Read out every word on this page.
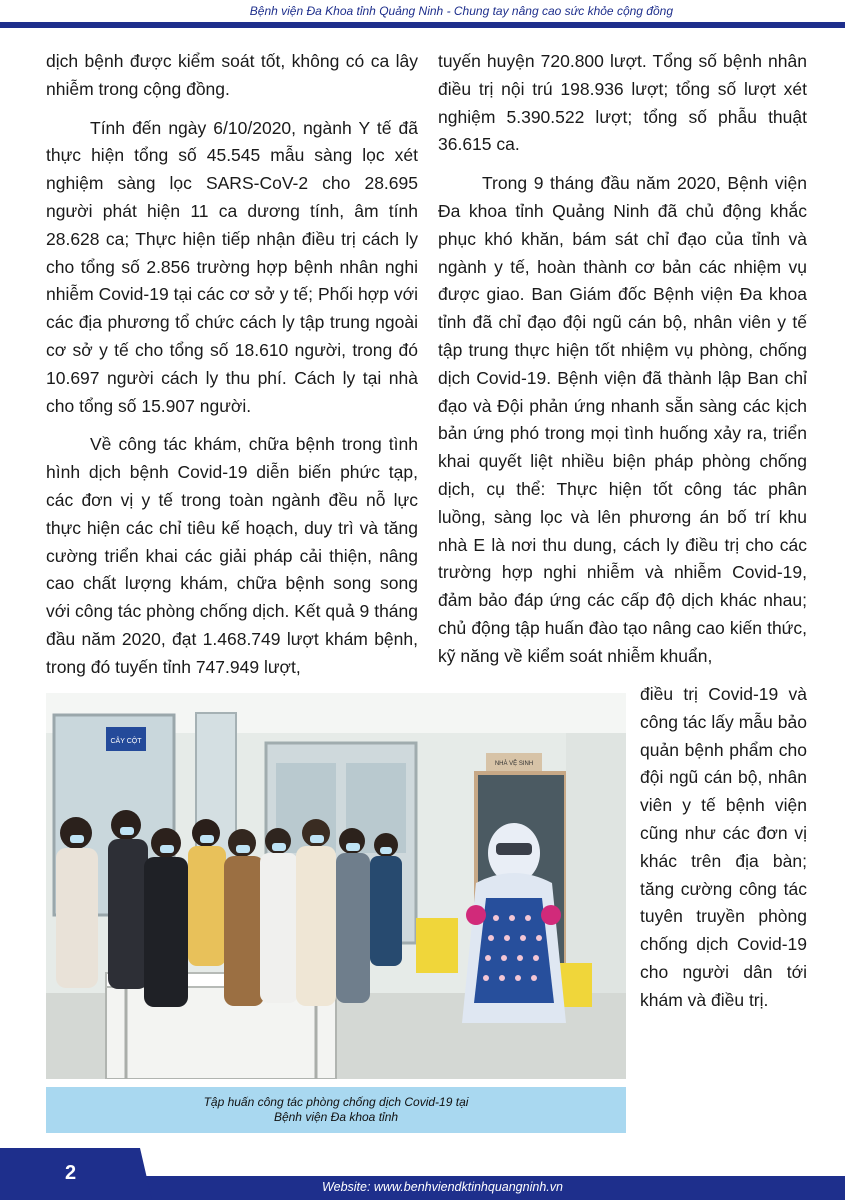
Bệnh viện Đa Khoa tỉnh Quảng Ninh - Chung tay nâng cao sức khỏe cộng đồng

dịch bệnh được kiểm soát tốt, không có ca lây nhiễm trong cộng đồng.

Tính đến ngày 6/10/2020, ngành Y tế đã thực hiện tổng số 45.545 mẫu sàng lọc xét nghiệm sàng lọc SARS-CoV-2 cho 28.695 người phát hiện 11 ca dương tính, âm tính 28.628 ca; Thực hiện tiếp nhận điều trị cách ly cho tổng số 2.856 trường hợp bệnh nhân nghi nhiễm Covid-19 tại các cơ sở y tế; Phối hợp với các địa phương tổ chức cách ly tập trung ngoài cơ sở y tế cho tổng số 18.610 người, trong đó 10.697 người cách ly thu phí. Cách ly tại nhà cho tổng số 15.907 người.

Về công tác khám, chữa bệnh trong tình hình dịch bệnh Covid-19 diễn biến phức tạp, các đơn vị y tế trong toàn ngành đều nỗ lực thực hiện các chỉ tiêu kế hoạch, duy trì và tăng cường triển khai các giải pháp cải thiện, nâng cao chất lượng khám, chữa bệnh song song với công tác phòng chống dịch. Kết quả 9 tháng đầu năm 2020, đạt 1.468.749 lượt khám bệnh, trong đó tuyến tỉnh 747.949 lượt,

tuyến huyện 720.800 lượt. Tổng số bệnh nhân điều trị nội trú 198.936 lượt; tổng số lượt xét nghiệm 5.390.522 lượt; tổng số phẫu thuật 36.615 ca.

Trong 9 tháng đầu năm 2020, Bệnh viện Đa khoa tỉnh Quảng Ninh đã chủ động khắc phục khó khăn, bám sát chỉ đạo của tỉnh và ngành y tế, hoàn thành cơ bản các nhiệm vụ được giao. Ban Giám đốc Bệnh viện Đa khoa tỉnh đã chỉ đạo đội ngũ cán bộ, nhân viên y tế tập trung thực hiện tốt nhiệm vụ phòng, chống dịch Covid-19. Bệnh viện đã thành lập Ban chỉ đạo và Đội phản ứng nhanh sẵn sàng các kịch bản ứng phó trong mọi tình huống xảy ra, triển khai quyết liệt nhiều biện pháp phòng chống dịch, cụ thể: Thực hiện tốt công tác phân luồng, sàng lọc và lên phương án bố trí khu nhà E là nơi thu dung, cách ly điều trị cho các trường hợp nghi nhiễm và nhiễm Covid-19, đảm bảo đáp ứng các cấp độ dịch khác nhau; chủ động tập huấn đào tạo nâng cao kiến thức, kỹ năng về kiểm soát nhiễm khuẩn,

điều trị Covid-19 và công tác lấy mẫu bảo quản bệnh phẩm cho đội ngũ cán bộ, nhân viên y tế bệnh viện cũng như các đơn vị khác trên địa bàn; tăng cường công tác tuyên truyền phòng chống dịch Covid-19 cho người dân tới khám và điều trị.

CÂY CỘT
NHÀ VỆ SINH
Tập huấn công tác phòng chống dịch Covid-19 tại
Bệnh viện Đa khoa tỉnh
2
Website: www.benhviendktinhquangninh.vn
